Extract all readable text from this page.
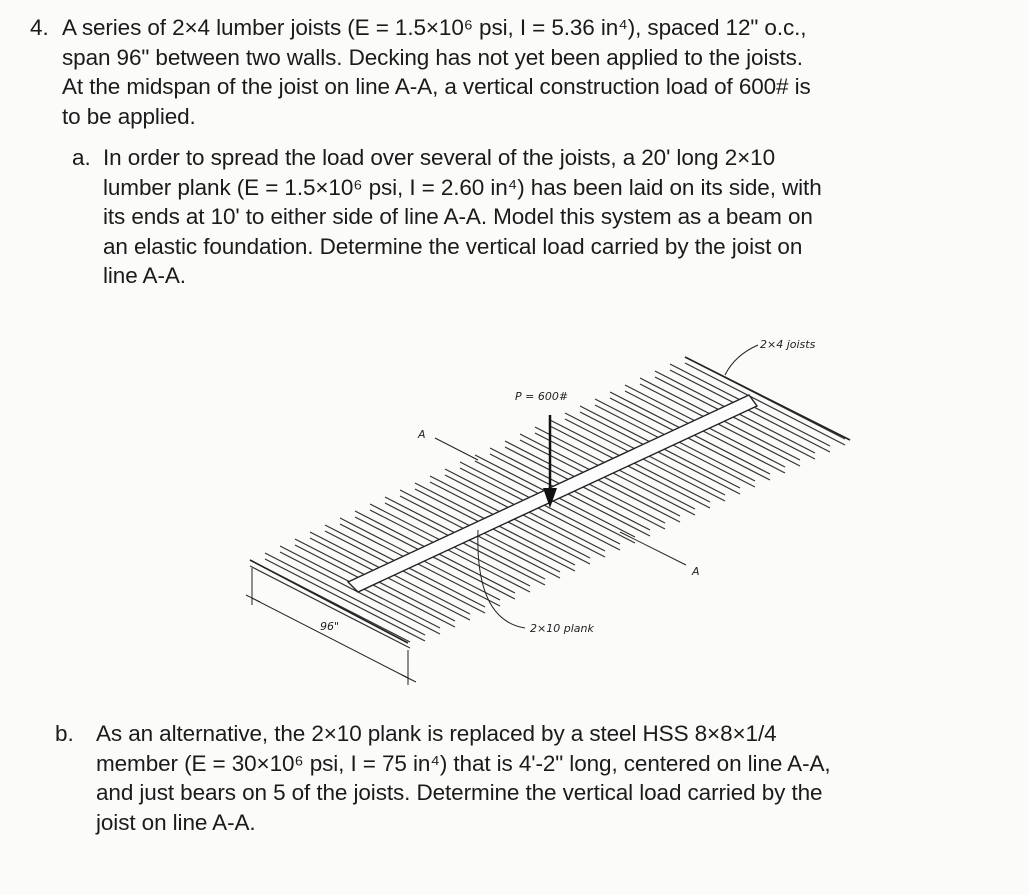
4. A series of 2×4 lumber joists (E = 1.5×10⁶ psi, I = 5.36 in⁴), spaced 12" o.c.,
span 96" between two walls. Decking has not yet been applied to the joists.
At the midspan of the joist on line A-A, a vertical construction load of 600# is
to be applied.
a. In order to spread the load over several of the joists, a 20' long 2×10
lumber plank (E = 1.5×10⁶ psi, I = 2.60 in⁴) has been laid on its side, with
its ends at 10' to either side of line A-A. Model this system as a beam on
an elastic foundation. Determine the vertical load carried by the joist on
line A-A.
P = 600#
A
A
2×4 joists
2×10 plank
96"
b. As an alternative, the 2×10 plank is replaced by a steel HSS 8×8×1/4
member (E = 30×10⁶ psi, I = 75 in⁴) that is 4'-2" long, centered on line A-A,
and just bears on 5 of the joists. Determine the vertical load carried by the
joist on line A-A.
